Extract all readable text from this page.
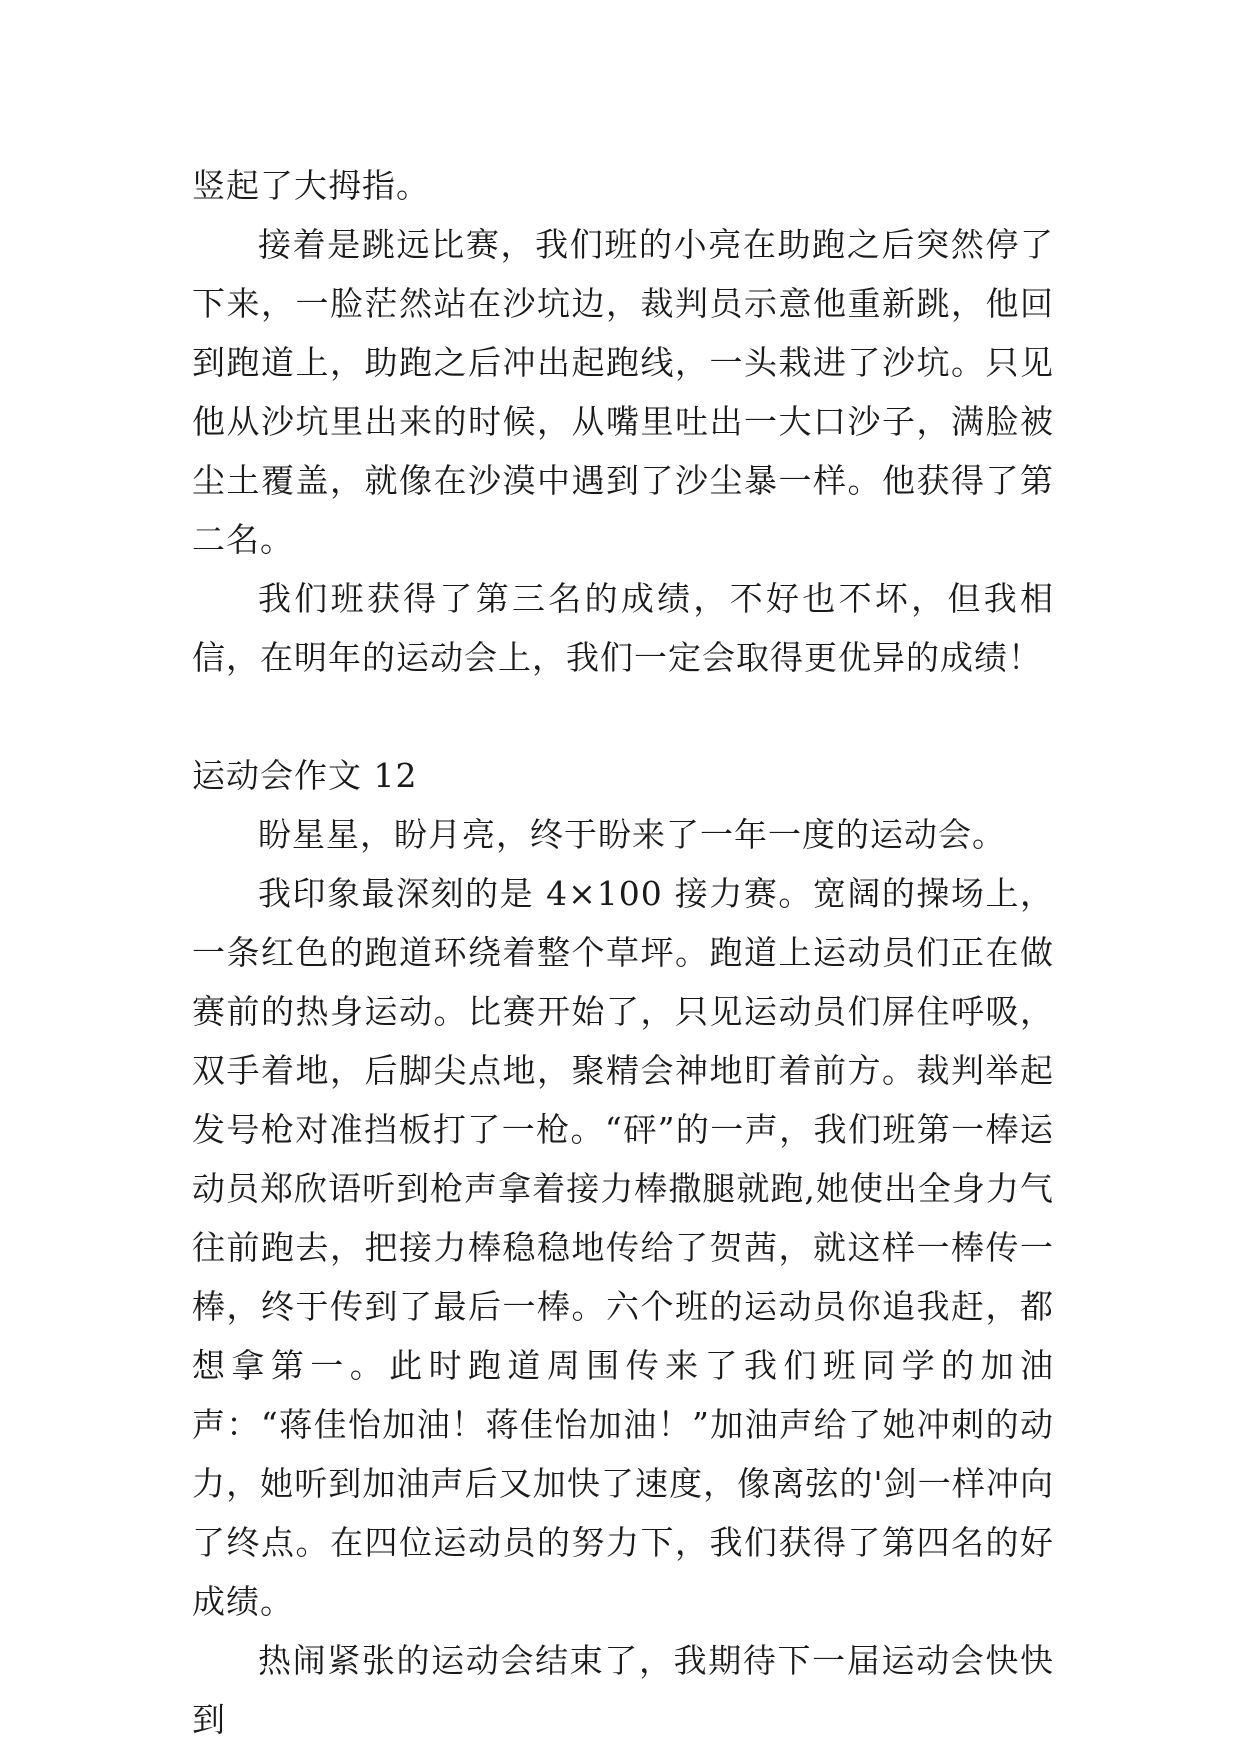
竖起了大拇指。

接着是跳远比赛，我们班的小亮在助跑之后突然停了下来，一脸茫然站在沙坑边，裁判员示意他重新跳，他回到跑道上，助跑之后冲出起跑线，一头栽进了沙坑。只见他从沙坑里出来的时候，从嘴里吐出一大口沙子，满脸被尘土覆盖，就像在沙漠中遇到了沙尘暴一样。他获得了第二名。

我们班获得了第三名的成绩，不好也不坏，但我相信，在明年的运动会上，我们一定会取得更优异的成绩！

运动会作文 12

盼星星，盼月亮，终于盼来了一年一度的运动会。

我印象最深刻的是 4×100 接力赛。宽阔的操场上，一条红色的跑道环绕着整个草坪。跑道上运动员们正在做赛前的热身运动。比赛开始了，只见运动员们屏住呼吸，双手着地，后脚尖点地，聚精会神地盯着前方。裁判举起发号枪对准挡板打了一枪。“砰”的一声，我们班第一棒运动员郑欣语听到枪声拿着接力棒撒腿就跑,她使出全身力气往前跑去，把接力棒稳稳地传给了贺茜，就这样一棒传一棒，终于传到了最后一棒。六个班的运动员你追我赶，都想拿第一。此时跑道周围传来了我们班同学的加油声：“蒋佳怡加油！蒋佳怡加油！”加油声给了她冲刺的动力，她听到加油声后又加快了速度，像离弦的'剑一样冲向了终点。在四位运动员的努力下，我们获得了第四名的好成绩。

热闹紧张的运动会结束了，我期待下一届运动会快快到
